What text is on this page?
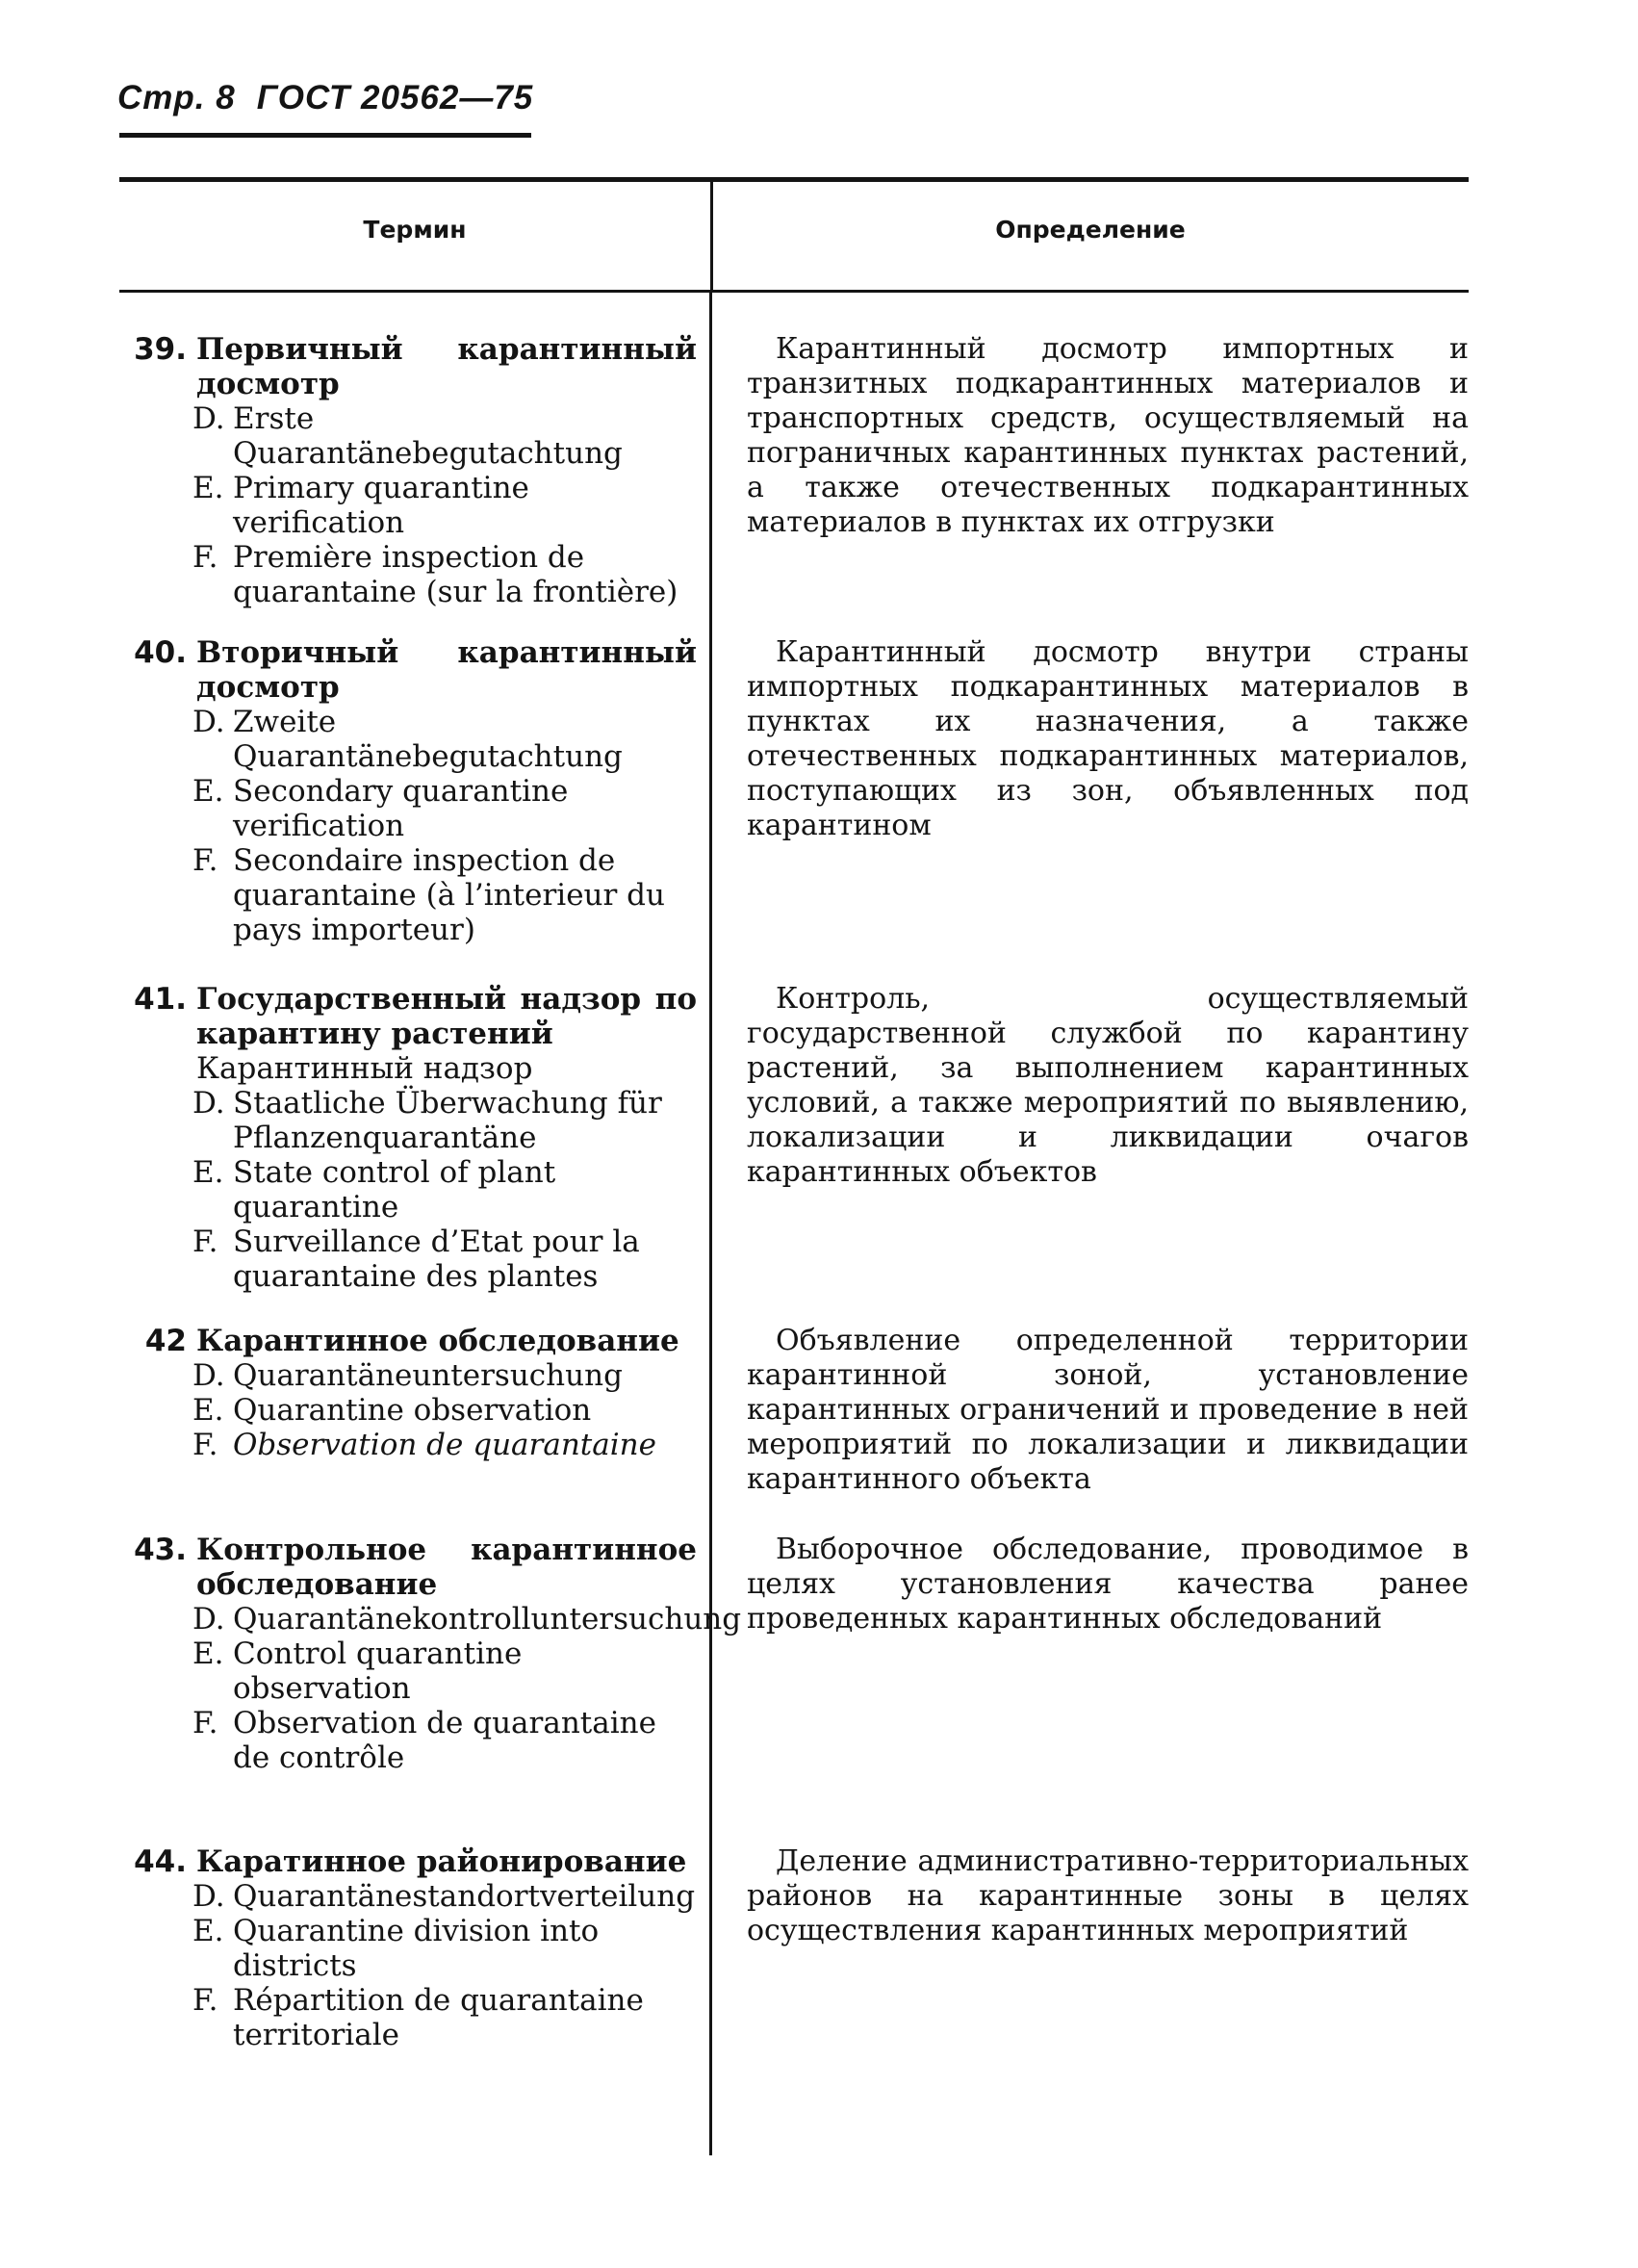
Стр. 8 ГОСТ 20562—75
Термин	Определение
39. Первичный карантинный досмотр
D. Erste Quarantänebegutachtung
E. Primary quarantine verification
F. Première inspection de quarantaine (sur la frontière)
Карантинный досмотр импортных и транзитных подкарантинных материалов и транспортных средств, осуществляемый на пограничных карантинных пунктах растений, а также отечественных подкарантинных материалов в пунктах их отгрузки
40. Вторичный карантинный досмотр
D. Zweite Quarantänebegutachtung
E. Secondary quarantine verification
F. Secondaire inspection de quarantaine (à l’interieur du pays importeur)
Карантинный досмотр внутри страны импортных подкарантинных материалов в пунктах их назначения, а также отечественных подкарантинных материалов, поступающих из зон, объявленных под карантином
41. Государственный надзор по карантину растений
Карантинный надзор
D. Staatliche Überwachung für Pflanzenquarantäne
E. State control of plant quarantine
F. Surveillance d’Etat pour la quarantaine des plantes
Контроль, осуществляемый государственной службой по карантину растений, за выполнением карантинных условий, а также мероприятий по выявлению, локализации и ликвидации очагов карантинных объектов
42 Карантинное обследование
D. Quarantäneuntersuchung
E. Quarantine observation
F. Observation de quarantaine
Объявление определенной территории карантинной зоной, установление карантинных ограничений и проведение в ней мероприятий по локализации и ликвидации карантинного объекта
43. Контрольное карантинное обследование
D. Quarantänekontrolluntersuchung
E. Control quarantine observation
F. Observation de quarantaine de contrôle
Выборочное обследование, проводимое в целях установления качества ранее проведенных карантинных обследований
44. Каратинное районирование
D. Quarantänestandortverteilung
E. Quarantine division into districts
F. Répartition de quarantaine territoriale
Деление административно-территориальных районов на карантинные зоны в целях осуществления карантинных мероприятий
